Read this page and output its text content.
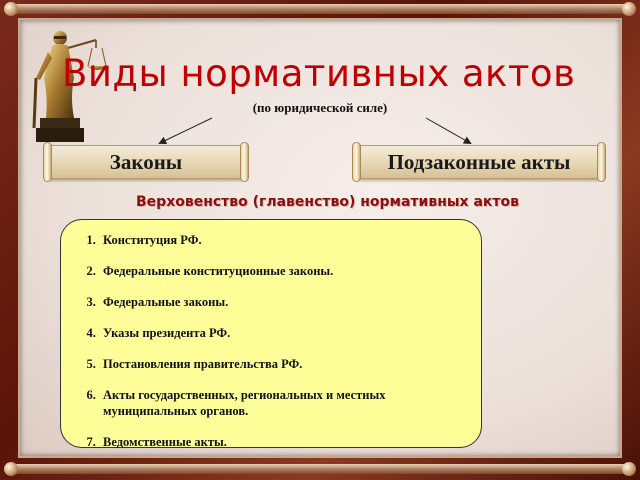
Виды нормативных актов
(по юридической силе)
Законы	Подзаконные акты
Верховенство (главенство) нормативных актов
1. Конституция РФ.
2. Федеральные конституционные законы.
3. Федеральные законы.
4. Указы президента РФ.
5. Постановления правительства РФ.
6. Акты государственных, региональных и местных муниципальных органов.
7. Ведомственные акты.
